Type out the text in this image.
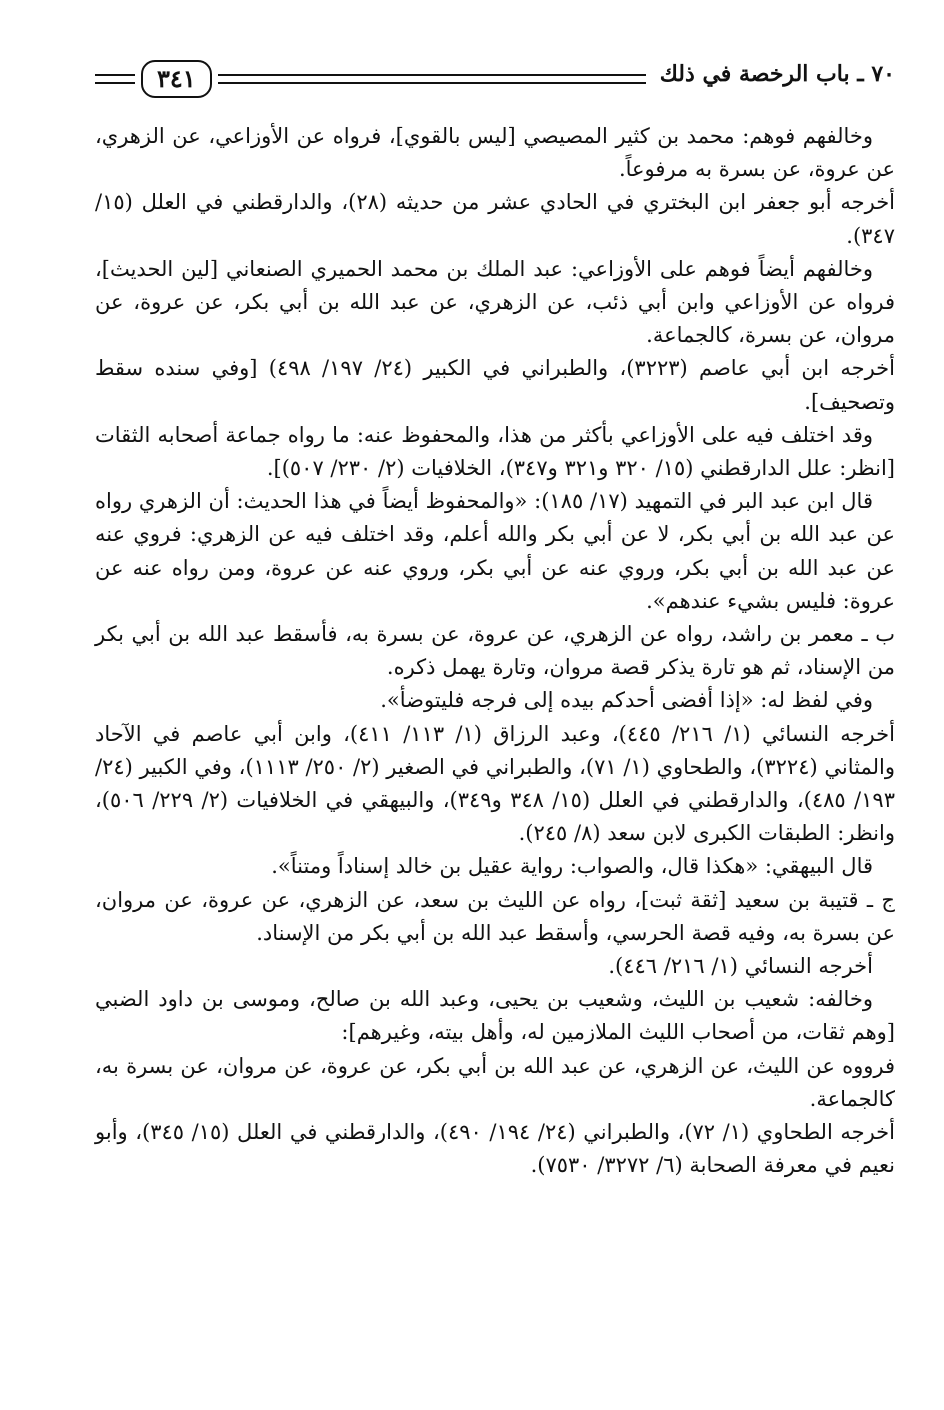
٧٠ ـ باب الرخصة في ذلك
٣٤١

وخالفهم فوهم: محمد بن كثير المصيصي [ليس بالقوي]، فرواه عن الأوزاعي، عن الزهري، عن عروة، عن بسرة به مرفوعاً.

أخرجه أبو جعفر ابن البختري في الحادي عشر من حديثه (٢٨)، والدارقطني في العلل (١٥/ ٣٤٧).

وخالفهم أيضاً فوهم على الأوزاعي: عبد الملك بن محمد الحميري الصنعاني [لين الحديث]، فرواه عن الأوزاعي وابن أبي ذئب، عن الزهري، عن عبد الله بن أبي بكر، عن عروة، عن مروان، عن بسرة، كالجماعة.

أخرجه ابن أبي عاصم (٣٢٢٣)، والطبراني في الكبير (٢٤/ ١٩٧/ ٤٩٨) [وفي سنده سقط وتصحيف].

وقد اختلف فيه على الأوزاعي بأكثر من هذا، والمحفوظ عنه: ما رواه جماعة أصحابه الثقات [انظر: علل الدارقطني (١٥/ ٣٢٠ و٣٢١ و٣٤٧)، الخلافيات (٢/ ٢٣٠/ ٥٠٧)].

قال ابن عبد البر في التمهيد (١٧/ ١٨٥): «والمحفوظ أيضاً في هذا الحديث: أن الزهري رواه عن عبد الله بن أبي بكر، لا عن أبي بكر والله أعلم، وقد اختلف فيه عن الزهري: فروي عنه عن عبد الله بن أبي بكر، وروي عنه عن أبي بكر، وروي عنه عن عروة، ومن رواه عنه عن عروة: فليس بشيء عندهم».

ب ـ معمر بن راشد، رواه عن الزهري، عن عروة، عن بسرة به، فأسقط عبد الله بن أبي بكر من الإسناد، ثم هو تارة يذكر قصة مروان، وتارة يهمل ذكره.

وفي لفظ له: «إذا أفضى أحدكم بيده إلى فرجه فليتوضأ».

أخرجه النسائي (١/ ٢١٦/ ٤٤٥)، وعبد الرزاق (١/ ١١٣/ ٤١١)، وابن أبي عاصم في الآحاد والمثاني (٣٢٢٤)، والطحاوي (١/ ٧١)، والطبراني في الصغير (٢/ ٢٥٠/ ١١١٣)، وفي الكبير (٢٤/ ١٩٣/ ٤٨٥)، والدارقطني في العلل (١٥/ ٣٤٨ و٣٤٩)، والبيهقي في الخلافيات (٢/ ٢٢٩/ ٥٠٦)، وانظر: الطبقات الكبرى لابن سعد (٨/ ٢٤٥).

قال البيهقي: «هكذا قال، والصواب: رواية عقيل بن خالد إسناداً ومتناً».

ج ـ قتيبة بن سعيد [ثقة ثبت]، رواه عن الليث بن سعد، عن الزهري، عن عروة، عن مروان، عن بسرة به، وفيه قصة الحرسي، وأسقط عبد الله بن أبي بكر من الإسناد.

أخرجه النسائي (١/ ٢١٦/ ٤٤٦).

وخالفه: شعيب بن الليث، وشعيب بن يحيى، وعبد الله بن صالح، وموسى بن داود الضبي [وهم ثقات، من أصحاب الليث الملازمين له، وأهل بيته، وغيرهم]:

فرووه عن الليث، عن الزهري، عن عبد الله بن أبي بكر، عن عروة، عن مروان، عن بسرة به، كالجماعة.

أخرجه الطحاوي (١/ ٧٢)، والطبراني (٢٤/ ١٩٤/ ٤٩٠)، والدارقطني في العلل (١٥/ ٣٤٥)، وأبو نعيم في معرفة الصحابة (٦/ ٣٢٧٢/ ٧٥٣٠).
